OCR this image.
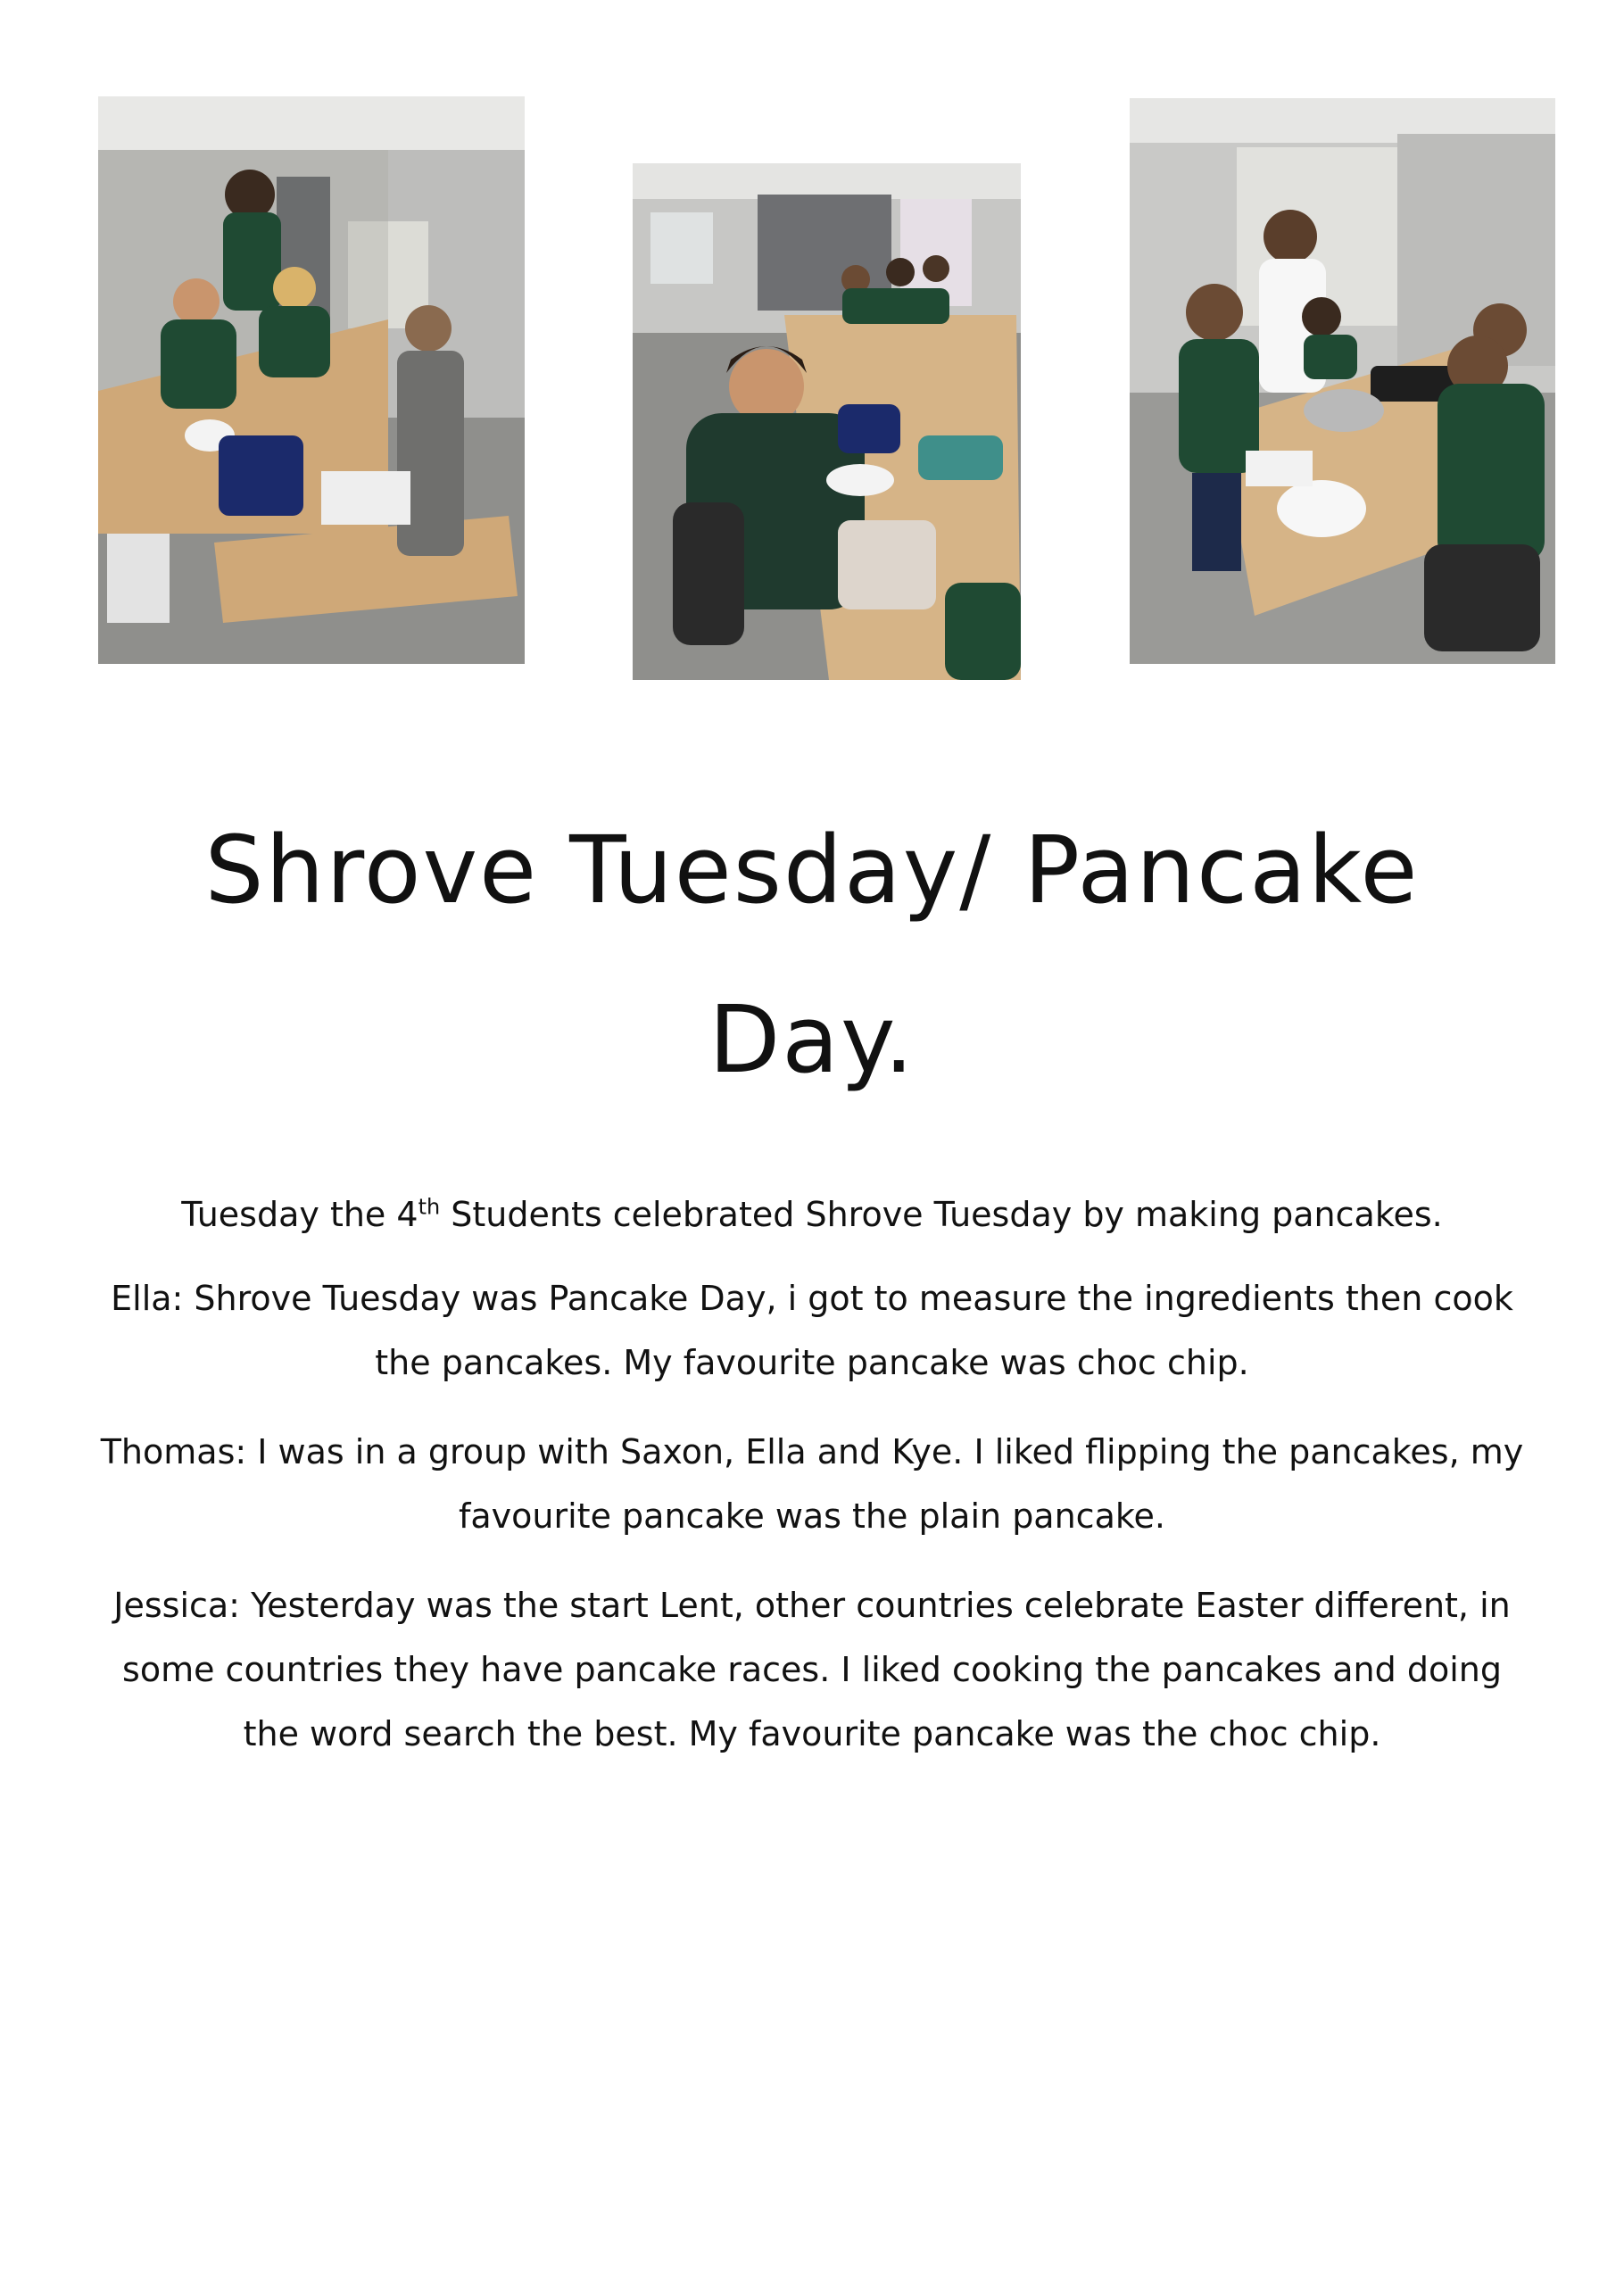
Shrove Tuesday/ Pancake
Day.

Tuesday the 4th Students celebrated Shrove Tuesday by making pancakes.

Ella: Shrove Tuesday was Pancake Day, i got to measure the ingredients then cook the pancakes. My favourite pancake was choc chip.

Thomas: I was in a group with Saxon, Ella and Kye. I liked flipping the pancakes, my favourite pancake was the plain pancake.

Jessica: Yesterday was the start Lent, other countries celebrate Easter different, in some countries they have pancake races. I liked cooking the pancakes and doing the word search the best. My favourite pancake was the choc chip.
